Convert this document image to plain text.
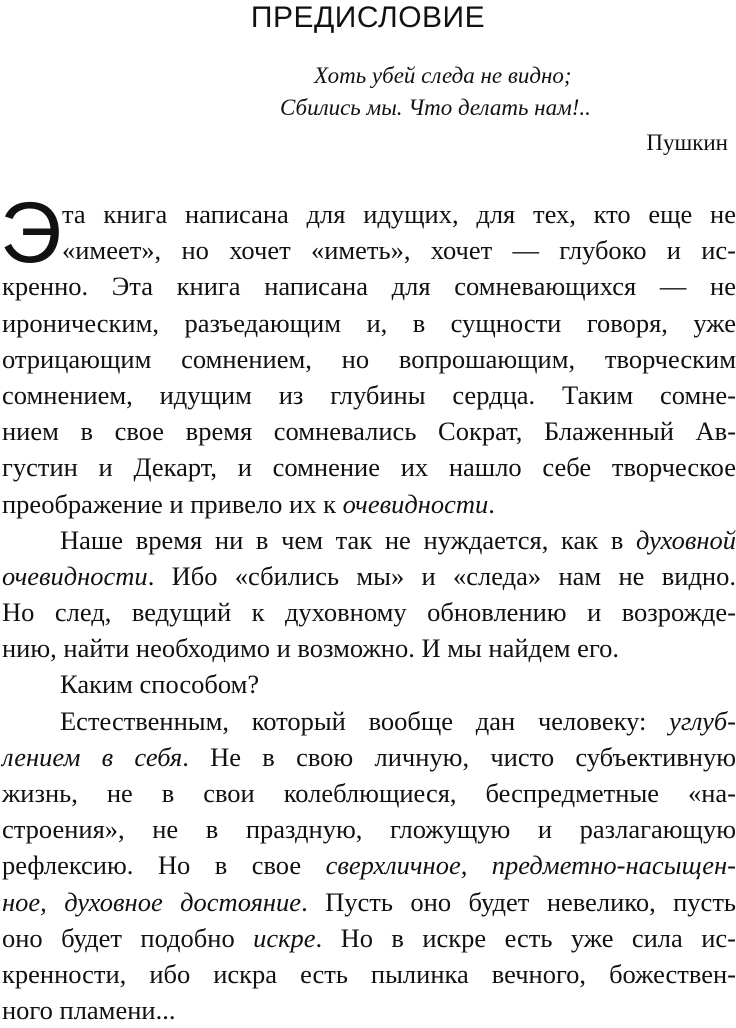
ПРЕДИСЛОВИЕ
Хоть убей следа не видно;
Сбились мы. Что делать нам!..
Пушкин
Э та книга написана для идущих, для тех, кто еще не
«имеет», но хочет «иметь», хочет — глубоко и ис-
кренно. Эта книга написана для сомневающихся — не
ироническим, разъедающим и, в сущности говоря, уже
отрицающим сомнением, но вопрошающим, творческим
сомнением, идущим из глубины сердца. Таким сомне-
нием в свое время сомневались Сократ, Блаженный Ав-
густин и Декарт, и сомнение их нашло себе творческое
преображение и привело их к очевидности.
Наше время ни в чем так не нуждается, как в духовной
очевидности. Ибо «сбились мы» и «следа» нам не видно.
Но след, ведущий к духовному обновлению и возрожде-
нию, найти необходимо и возможно. И мы найдем его.
Каким способом?
Естественным, который вообще дан человеку: углуб-
лением в себя. Не в свою личную, чисто субъективную
жизнь, не в свои колеблющиеся, беспредметные «на-
строения», не в праздную, гложущую и разлагающую
рефлексию. Но в свое сверхличное, предметно-насыщен-
ное, духовное достояние. Пусть оно будет невелико, пусть
оно будет подобно искре. Но в искре есть уже сила ис-
кренности, ибо искра есть пылинка вечного, божествен-
ного пламени...
